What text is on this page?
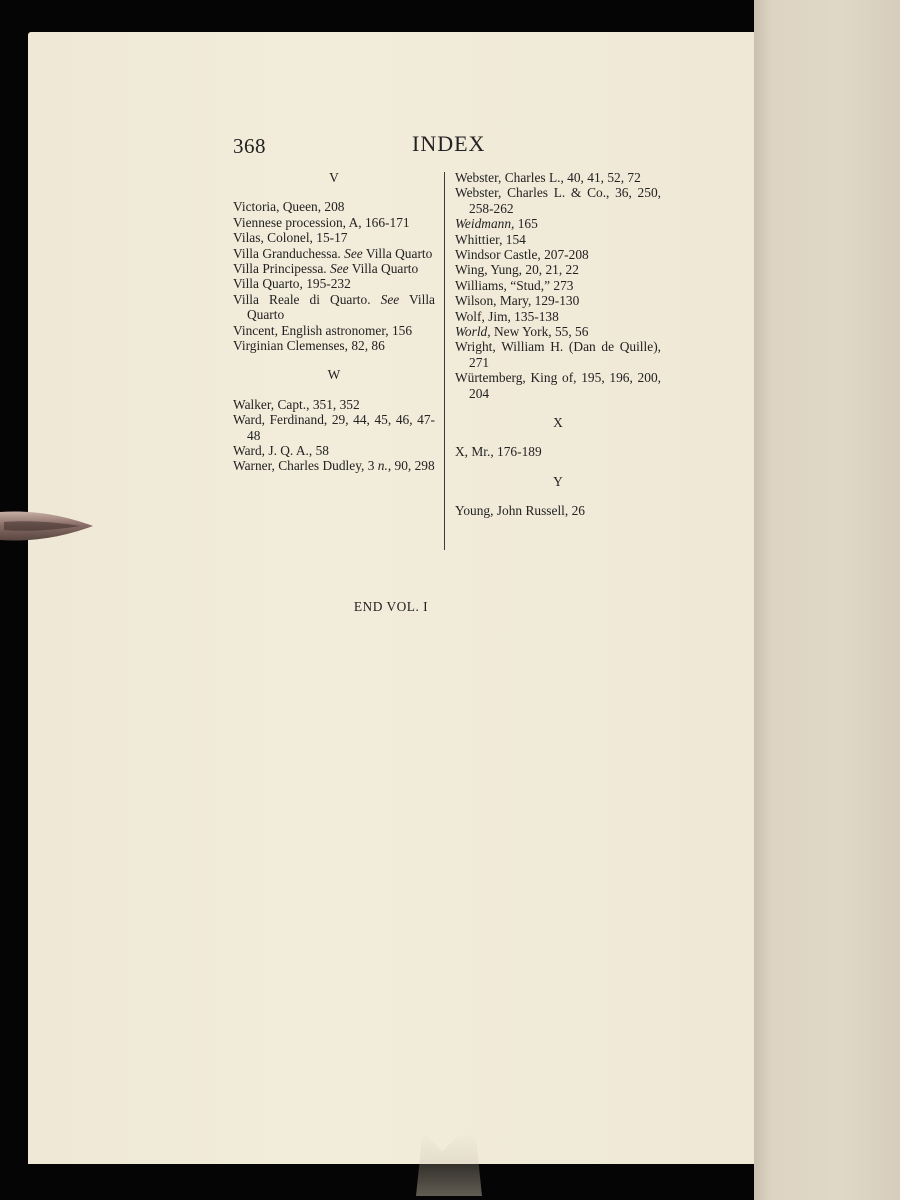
END VOL. I
368	INDEX
V
Victoria, Queen, 208
Viennese procession, A, 166-171
Vilas, Colonel, 15-17
Villa Granduchessa. See Villa Quarto
Villa Principessa. See Villa Quarto
Villa Quarto, 195-232
Villa Reale di Quarto. See Villa Quarto
Vincent, English astronomer, 156
Virginian Clemenses, 82, 86
W
Walker, Capt., 351, 352
Ward, Ferdinand, 29, 44, 45, 46, 47-48
Ward, J. Q. A., 58
Warner, Charles Dudley, 3 n., 90, 298
Webster, Charles L., 40, 41, 52, 72
Webster, Charles L. & Co., 36, 250, 258-262
Weidmann, 165
Whittier, 154
Windsor Castle, 207-208
Wing, Yung, 20, 21, 22
Williams, “Stud,” 273
Wilson, Mary, 129-130
Wolf, Jim, 135-138
World, New York, 55, 56
Wright, William H. (Dan de Quille), 271
Würtemberg, King of, 195, 196, 200, 204
X
X, Mr., 176-189
Y
Young, John Russell, 26
